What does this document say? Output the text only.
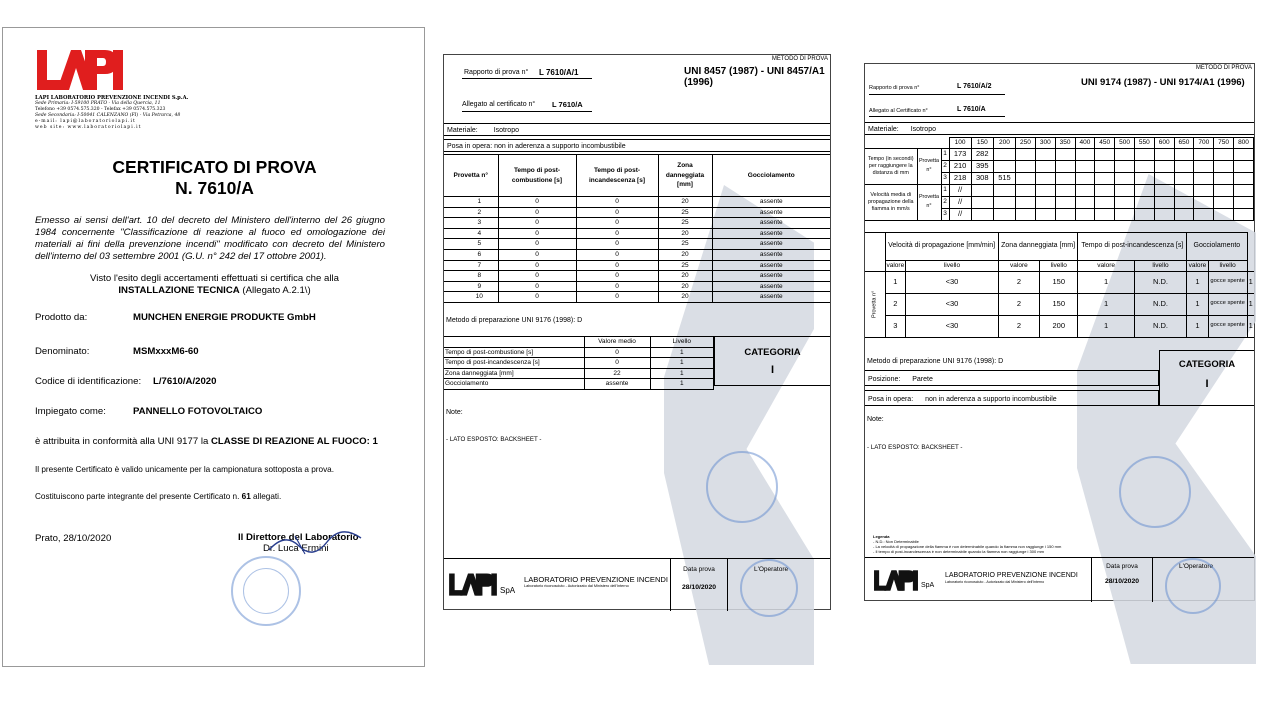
LAPI LABORATORIO PREVENZIONE INCENDI S.p.A.
Sede Primaria: I-59100 PRATO - Via della Quercia, 11
Telefono +39 0574.575.320 - Telefax +39 0574.575.323
Sede Secondaria: I-50041 CALENZANO (FI) - Via Petrarca, 48
e-mail: lapi@laboratoriolapi.it
web site: www.laboratoriolapi.it
CERTIFICATO DI PROVA
N. 7610/A
Emesso ai sensi dell'art. 10 del decreto del Ministero dell'interno del 26 giugno 1984 concernente "Classificazione di reazione al fuoco ed omologazione dei materiali ai fini della prevenzione incendi" modificato con decreto del Ministero dell'interno del 03 settembre 2001 (G.U. n° 242 del 17 ottobre 2001).
Visto l'esito degli accertamenti effettuati si certifica che alla
INSTALLAZIONE TECNICA (Allegato A.2.1\)
Prodotto da:	MUNCHEN ENERGIE PRODUKTE GmbH
Denominato:	MSMxxxM6-60
Codice di identificazione: L/7610/A/2020
Impiegato come:	PANNELLO FOTOVOLTAICO
è attribuita in conformità alla UNI 9177 la CLASSE DI REAZIONE AL FUOCO: 1
Il presente Certificato è valido unicamente per la campionatura sottoposta a prova.
Costituiscono parte integrante del presente Certificato n. 61 allegati.
Prato, 28/10/2020	Il Direttore del Laboratorio
Dr. Luca Ermini
METODO DI PROVA
Rapporto di prova n° L 7610/A/1	UNI 8457 (1987) - UNI 8457/A1 (1996)
Allegato al certificato n° L 7610/A
Materiale: Isotropo
Posa in opera: non in aderenza a supporto incombustibile
Provetta n°	Tempo di post-combustione [s]	Tempo di post-incandescenza [s]	Zona danneggiata [mm]	Gocciolamento
1	0	0	20	assente
2	0	0	25	assente
3	0	0	25	assente
4	0	0	20	assente
5	0	0	25	assente
6	0	0	20	assente
7	0	0	25	assente
8	0	0	20	assente
9	0	0	20	assente
10	0	0	20	assente
Metodo di preparazione UNI 9176 (1998): D
	Valore medio	Livello
Tempo di post-combustione [s]	0	1
Tempo di post-incandescenza [s]	0	1
Zona danneggiata [mm]	22	1
Gocciolamento	assente	1
CATEGORIA
I
Note:
- LATO ESPOSTO: BACKSHEET -
SpA
LABORATORIO PREVENZIONE INCENDI
Laboratorio riconosciuto - Autorizzato dal Ministero dell'Interno
Data prova
28/10/2020
L'Operatore
METODO DI PROVA
Rapporto di prova n°	L 7610/A/2	UNI 9174 (1987) - UNI 9174/A1 (1996)
Allegato al Certificato n°	L 7610/A
Materiale: Isotropo
			100	150	200	250	300	350	400	450	500	550	600	650	700	750	800
Tempo (in secondi) per raggiungere la distanza di mm	Provetta n°	1	173	282													
		2	210	395													
		3	218	308	515												
Velocità media di propagazione della fiamma in mm/s	Provetta n°	1	//														
		2	//														
		3	//														
	Velocità di propagazione [mm/min]		Zona danneggiata [mm]		Tempo di post-incandescenza [s]		Gocciolamento		
	valore	livello	valore	livello	valore	livello	valore	livello	
Provetta n°	1	<30	2	150	1	N.D.	1	gocce spente	1
	2	<30	2	150	1	N.D.	1	gocce spente	1
	3	<30	2	200	1	N.D.	1	gocce spente	1
Metodo di preparazione UNI 9176 (1998): D	CATEGORIA
I
Posizione: Parete
Posa in opera: non in aderenza a supporto incombustibile
Note:
- LATO ESPOSTO: BACKSHEET -
Legenda
- N.D.: Non Determinabile
- La velocità di propagazione della fiamma è non determinabile quando la fiamma non raggiunge i 150 mm
- Il tempo di post-incandescenza è non determinabile quando la fiamma non raggiunge i 300 mm
SpA
LABORATORIO PREVENZIONE INCENDI
Laboratorio riconosciuto - Autorizzato dal Ministero dell'Interno
Data prova
28/10/2020
L'Operatore
